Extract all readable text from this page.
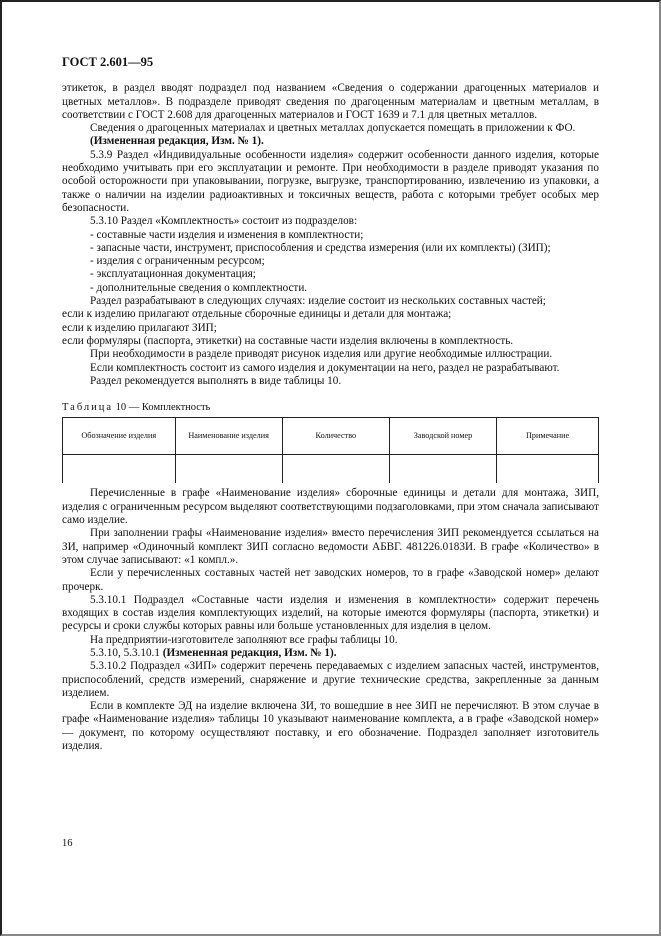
ГОСТ 2.601—95

этикеток, в раздел вводят подраздел под названием «Сведения о содержании драгоценных материалов и цветных металлов». В подразделе приводят сведения по драгоценным материалам и цветным металлам, в соответствии с ГОСТ 2.608 для драгоценных материалов и ГОСТ 1639 и 7.1 для цветных металлов.

Сведения о драгоценных материалах и цветных металлах допускается помещать в приложении к ФО.

(Измененная редакция, Изм. № 1).

5.3.9 Раздел «Индивидуальные особенности изделия» содержит особенности данного изделия, которые необходимо учитывать при его эксплуатации и ремонте. При необходимости в разделе приводят указания по особой осторожности при упаковывании, погрузке, выгрузке, транспортированию, извлечению из упаковки, а также о наличии на изделии радиоактивных и токсичных веществ, работа с которыми требует особых мер безопасности.

5.3.10 Раздел «Комплектность» состоит из подразделов:

- составные части изделия и изменения в комплектности;

- запасные части, инструмент, приспособления и средства измерения (или их комплекты) (ЗИП);

- изделия с ограниченным ресурсом;

- эксплуатационная документация;

- дополнительные сведения о комплектности.

Раздел разрабатывают в следующих случаях: изделие состоит из нескольких составных частей;

если к изделию прилагают отдельные сборочные единицы и детали для монтажа;

если к изделию прилагают ЗИП;

если формуляры (паспорта, этикетки) на составные части изделия включены в комплектность.

При необходимости в разделе приводят рисунок изделия или другие необходимые иллюстрации.

Если комплектность состоит из самого изделия и документации на него, раздел не разрабатывают.

Раздел рекомендуется выполнять в виде таблицы 10.

Таблица 10 — Комплектность
Обозначение изделия	Наименование изделия	Количество	Заводской номер	Примечание

Перечисленные в графе «Наименование изделия» сборочные единицы и детали для монтажа, ЗИП, изделия с ограниченным ресурсом выделяют соответствующими подзаголовками, при этом сначала записывают само изделие.

При заполнении графы «Наименование изделия» вместо перечисления ЗИП рекомендуется ссылаться на ЗИ, например «Одиночный комплект ЗИП согласно ведомости АБВГ. 481226.0183И. В графе «Количество» в этом случае записывают: «1 компл.».

Если у перечисленных составных частей нет заводских номеров, то в графе «Заводской номер» делают прочерк.

5.3.10.1 Подраздел «Составные части изделия и изменения в комплектности» содержит перечень входящих в состав изделия комплектующих изделий, на которые имеются формуляры (паспорта, этикетки) и ресурсы и сроки службы которых равны или больше установленных для изделия в целом.

На предприятии-изготовителе заполняют все графы таблицы 10.

5.3.10, 5.3.10.1 (Измененная редакция, Изм. № 1).

5.3.10.2 Подраздел «ЗИП» содержит перечень передаваемых с изделием запасных частей, инструментов, приспособлений, средств измерений, снаряжение и другие технические средства, закрепленные за данным изделием.

Если в комплекте ЭД на изделие включена ЗИ, то вошедшие в нее ЗИП не перечисляют. В этом случае в графе «Наименование изделия» таблицы 10 указывают наименование комплекта, а в графе «Заводской номер» — документ, по которому осуществляют поставку, и его обозначение. Подраздел заполняет изготовитель изделия.

16
